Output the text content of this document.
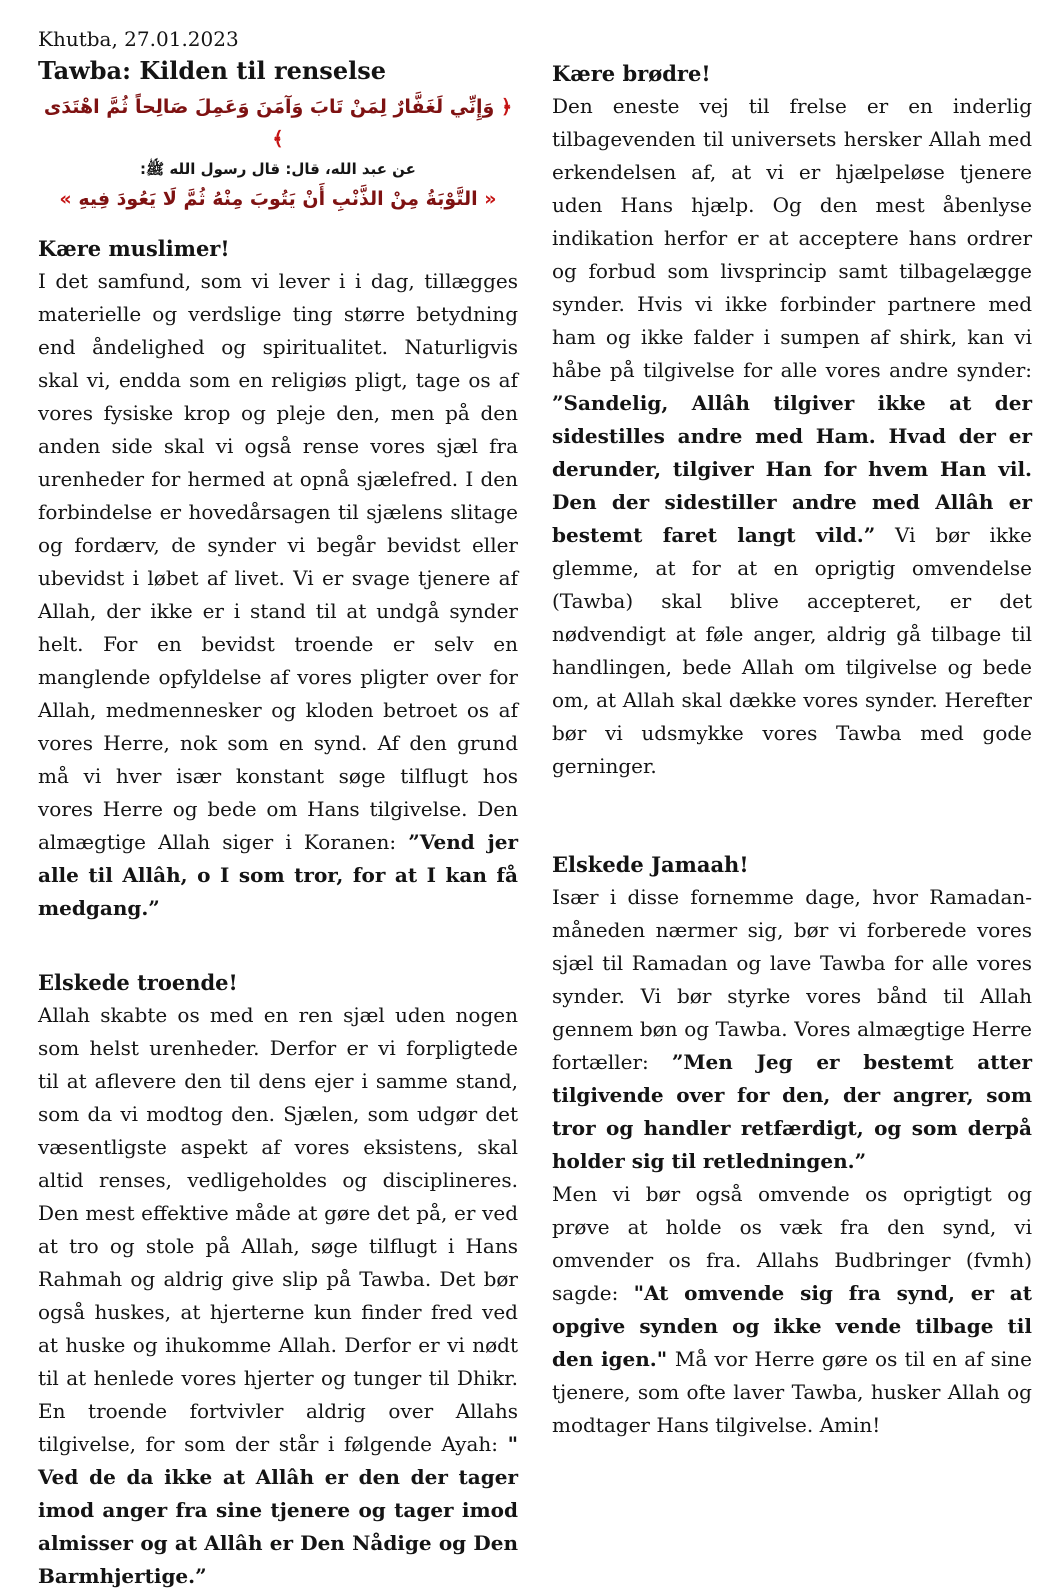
Khutba, 27.01.2023
Tawba: Kilden til renselse
﴿ وَإِنِّي لَغَفَّارٌ لِمَنْ تَابَ وَآمَنَ وَعَمِلَ صَالِحاً ثُمَّ اهْتَدَى ﴾
عن عبد الله، قال: قال رسول الله ﷺ:
« التَّوْبَةُ مِنْ الذَّنْبِ أَنْ يَتُوبَ مِنْهُ ثُمَّ لَا يَعُودَ فِيهِ »
Kære muslimer!

I det samfund, som vi lever i i dag, tillægges materielle og verdslige ting større betydning end åndelighed og spiritualitet. Naturligvis skal vi, endda som en religiøs pligt, tage os af vores fysiske krop og pleje den, men på den anden side skal vi også rense vores sjæl fra urenheder for hermed at opnå sjælefred. I den forbindelse er hovedårsagen til sjælens slitage og fordærv, de synder vi begår bevidst eller ubevidst i løbet af livet. Vi er svage tjenere af Allah, der ikke er i stand til at undgå synder helt. For en bevidst troende er selv en manglende opfyldelse af vores pligter over for Allah, medmennesker og kloden betroet os af vores Herre, nok som en synd. Af den grund må vi hver især konstant søge tilflugt hos vores Herre og bede om Hans tilgivelse. Den almægtige Allah siger i Koranen: ”Vend jer alle til Allâh, o I som tror, for at I kan få medgang.”

Elskede troende!

Allah skabte os med en ren sjæl uden nogen som helst urenheder. Derfor er vi forpligtede til at aflevere den til dens ejer i samme stand, som da vi modtog den. Sjælen, som udgør det væsentligste aspekt af vores eksistens, skal altid renses, vedligeholdes og disciplineres. Den mest effektive måde at gøre det på, er ved at tro og stole på Allah, søge tilflugt i Hans Rahmah og aldrig give slip på Tawba. Det bør også huskes, at hjerterne kun finder fred ved at huske og ihukomme Allah. Derfor er vi nødt til at henlede vores hjerter og tunger til Dhikr. En troende fortvivler aldrig over Allahs tilgivelse, for som der står i følgende Ayah: " Ved de da ikke at Allâh er den der tager imod anger fra sine tjenere og tager imod almisser og at Allâh er Den Nådige og Den Barmhjertige.”

Kære brødre!

Den eneste vej til frelse er en inderlig tilbagevenden til universets hersker Allah med erkendelsen af, at vi er hjælpeløse tjenere uden Hans hjælp. Og den mest åbenlyse indikation herfor er at acceptere hans ordrer og forbud som livsprincip samt tilbagelægge synder. Hvis vi ikke forbinder partnere med ham og ikke falder i sumpen af shirk, kan vi håbe på tilgivelse for alle vores andre synder: ”Sandelig, Allâh tilgiver ikke at der sidestilles andre med Ham. Hvad der er derunder, tilgiver Han for hvem Han vil. Den der sidestiller andre med Allâh er bestemt faret langt vild.” Vi bør ikke glemme, at for at en oprigtig omvendelse (Tawba) skal blive accepteret, er det nødvendigt at føle anger, aldrig gå tilbage til handlingen, bede Allah om tilgivelse og bede om, at Allah skal dække vores synder. Herefter bør vi udsmykke vores Tawba med gode gerninger.

Elskede Jamaah!

Især i disse fornemme dage, hvor Ramadan-måneden nærmer sig, bør vi forberede vores sjæl til Ramadan og lave Tawba for alle vores synder. Vi bør styrke vores bånd til Allah gennem bøn og Tawba. Vores almægtige Herre fortæller: ”Men Jeg er bestemt atter tilgivende over for den, der angrer, som tror og handler retfærdigt, og som derpå holder sig til retledningen.”

Men vi bør også omvende os oprigtigt og prøve at holde os væk fra den synd, vi omvender os fra. Allahs Budbringer (fvmh) sagde: "At omvende sig fra synd, er at opgive synden og ikke vende tilbage til den igen." Må vor Herre gøre os til en af sine tjenere, som ofte laver Tawba, husker Allah og modtager Hans tilgivelse. Amin!
